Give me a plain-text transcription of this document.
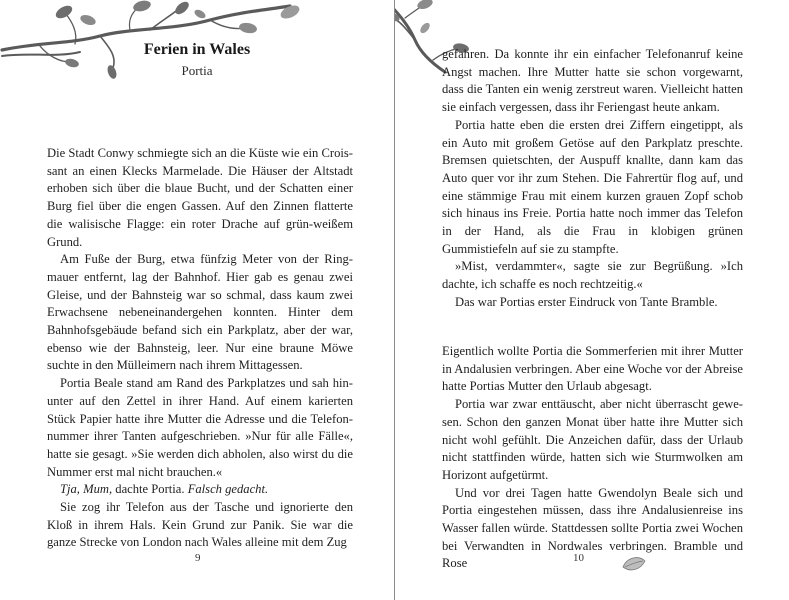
Ferien in Wales
Portia

Die Stadt Conwy schmiegte sich an die Küste wie ein Croissant an einen Klecks Marmelade. Die Häuser der Altstadt erhoben sich über die blaue Bucht, und der Schatten einer Burg fiel über die engen Gassen. Auf den Zinnen flatterte die walisische Flagge: ein roter Drache auf grün-weißem Grund.

Am Fuße der Burg, etwa fünfzig Meter von der Ringmauer entfernt, lag der Bahnhof. Hier gab es genau zwei Gleise, und der Bahnsteig war so schmal, dass kaum zwei Erwachsene nebeneinandergehen konnten. Hinter dem Bahnhofsgebäude befand sich ein Parkplatz, aber der war, ebenso wie der Bahnsteig, leer. Nur eine braune Möwe suchte in den Mülleimern nach ihrem Mittagessen.

Portia Beale stand am Rand des Parkplatzes und sah hinunter auf den Zettel in ihrer Hand. Auf einem karierten Stück Papier hatte ihre Mutter die Adresse und die Telefonnummer ihrer Tanten aufgeschrieben. »Nur für alle Fälle«, hatte sie gesagt. »Sie werden dich abholen, also wirst du die Nummer erst mal nicht brauchen.«

Tja, Mum, dachte Portia. Falsch gedacht.

Sie zog ihr Telefon aus der Tasche und ignorierte den Kloß in ihrem Hals. Kein Grund zur Panik. Sie war die ganze Strecke von London nach Wales alleine mit dem Zug

9

gefahren. Da konnte ihr ein einfacher Telefonanruf keine Angst machen. Ihre Mutter hatte sie schon vorgewarnt, dass die Tanten ein wenig zerstreut waren. Vielleicht hatten sie einfach vergessen, dass ihr Feriengast heute ankam.

Portia hatte eben die ersten drei Ziffern eingetippt, als ein Auto mit großem Getöse auf den Parkplatz preschte. Bremsen quietschten, der Auspuff knallte, dann kam das Auto quer vor ihr zum Stehen. Die Fahrertür flog auf, und eine stämmige Frau mit einem kurzen grauen Zopf schob sich hinaus ins Freie. Portia hatte noch immer das Telefon in der Hand, als die Frau in klobigen grünen Gummistiefeln auf sie zu stampfte.

»Mist, verdammter«, sagte sie zur Begrüßung. »Ich dachte, ich schaffe es noch rechtzeitig.«

Das war Portias erster Eindruck von Tante Bramble.

Eigentlich wollte Portia die Sommerferien mit ihrer Mutter in Andalusien verbringen. Aber eine Woche vor der Abreise hatte Portias Mutter den Urlaub abgesagt.

Portia war zwar enttäuscht, aber nicht überrascht gewesen. Schon den ganzen Monat über hatte ihre Mutter sich nicht wohl gefühlt. Die Anzeichen dafür, dass der Urlaub nicht stattfinden würde, hatten sich wie Sturmwolken am Horizont aufgetürmt.

Und vor drei Tagen hatte Gwendolyn Beale sich und Portia eingestehen müssen, dass ihre Andalusienreise ins Wasser fallen würde. Stattdessen sollte Portia zwei Wochen bei Verwandten in Nordwales verbringen. Bramble und Rose	10
